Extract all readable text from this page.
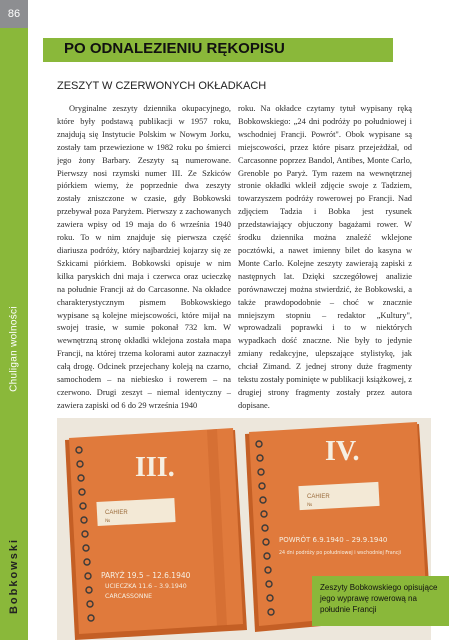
86
Chuligan wolności
Bobkowski
PO ODNALEZIENIU RĘKOPISU
ZESZYT W CZERWONYCH OKŁADKACH

Oryginalne zeszyty dziennika okupacyjnego, które były podstawą publikacji w 1957 roku, znajdują się Instytucie Polskim w Nowym Jorku, zostały tam przewiezione w 1982 roku po śmierci jego żony Barbary. Zeszyty są numerowane. Pierwszy nosi rzymski numer III. Ze Szkiców piórkiem wiemy, że poprzednie dwa zeszyty zostały zniszczone w czasie, gdy Bobkowski przebywał poza Paryżem. Pierwszy z zachowanych zawiera wpisy od 19 maja do 6 września 1940 roku. To w nim znajduje się pierwsza część diariusza podróży, który najbardziej kojarzy się ze Szkicami piórkiem. Bobkowski opisuje w nim kilka paryskich dni maja i czerwca oraz ucieczkę na południe Francji aż do Carcasonne. Na okładce charakterystycznym pismem Bobkowskiego wypisane są kolejne miejscowości, które mijał na swojej trasie, w sumie pokonał 732 km. W wewnętrzną stronę okładki wklejona została mapa Francji, na której trzema kolorami autor zaznaczył całą drogę. Odcinek przejechany koleją na czarno, samochodem – na niebiesko i rowerem – na czerwono. Drugi zeszyt – niemal identyczny – zawiera zapiski od 6 do 29 września 1940

roku. Na okładce czytamy tytuł wypisany ręką Bobkowskiego: „24 dni podróży po południowej i wschodniej Francji. Powrót". Obok wypisane są miejscowości, przez które pisarz przejeżdżał, od Carcasonne poprzez Bandol, Antibes, Monte Carlo, Grenoble po Paryż. Tym razem na wewnętrznej stronie okładki wkleił zdjęcie swoje z Tadziem, towarzyszem podróży rowerowej po Francji. Nad zdjęciem Tadzia i Bobka jest rysunek przedstawiający objuczony bagażami rower. W środku dziennika można znaleźć wklejone pocztówki, a nawet imienny bilet do kasyna w Monte Carlo. Kolejne zeszyty zawierają zapiski z następnych lat. Dzięki szczegółowej analizie porównawczej można stwierdzić, że Bobkowski, a także prawdopodobnie – choć w znacznie mniejszym stopniu – redaktor „Kultury", wprowadzali poprawki i to w niektórych wypadkach dość znaczne. Nie były to jedynie zmiany redakcyjne, ulepszające stylistykę, jak chciał Zimand. Z jednej strony duże fragmenty tekstu zostały pominięte w publikacji książkowej, z drugiej strony fragmenty zostały przez autora dopisane.

III.
CAHIER
№
PARYŻ 19.5 – 12.6.1940
UCIECZKA 11.6 – 3.9.1940
CARCASSONNE
IV.
CAHIER
№
POWRÓT 6.9.1940 – 29.9.1940
24 dni podróży po południowej i wschodniej Francji
Zeszyty Bobkowskiego opisujące jego wyprawę rowerową na południe Francji
